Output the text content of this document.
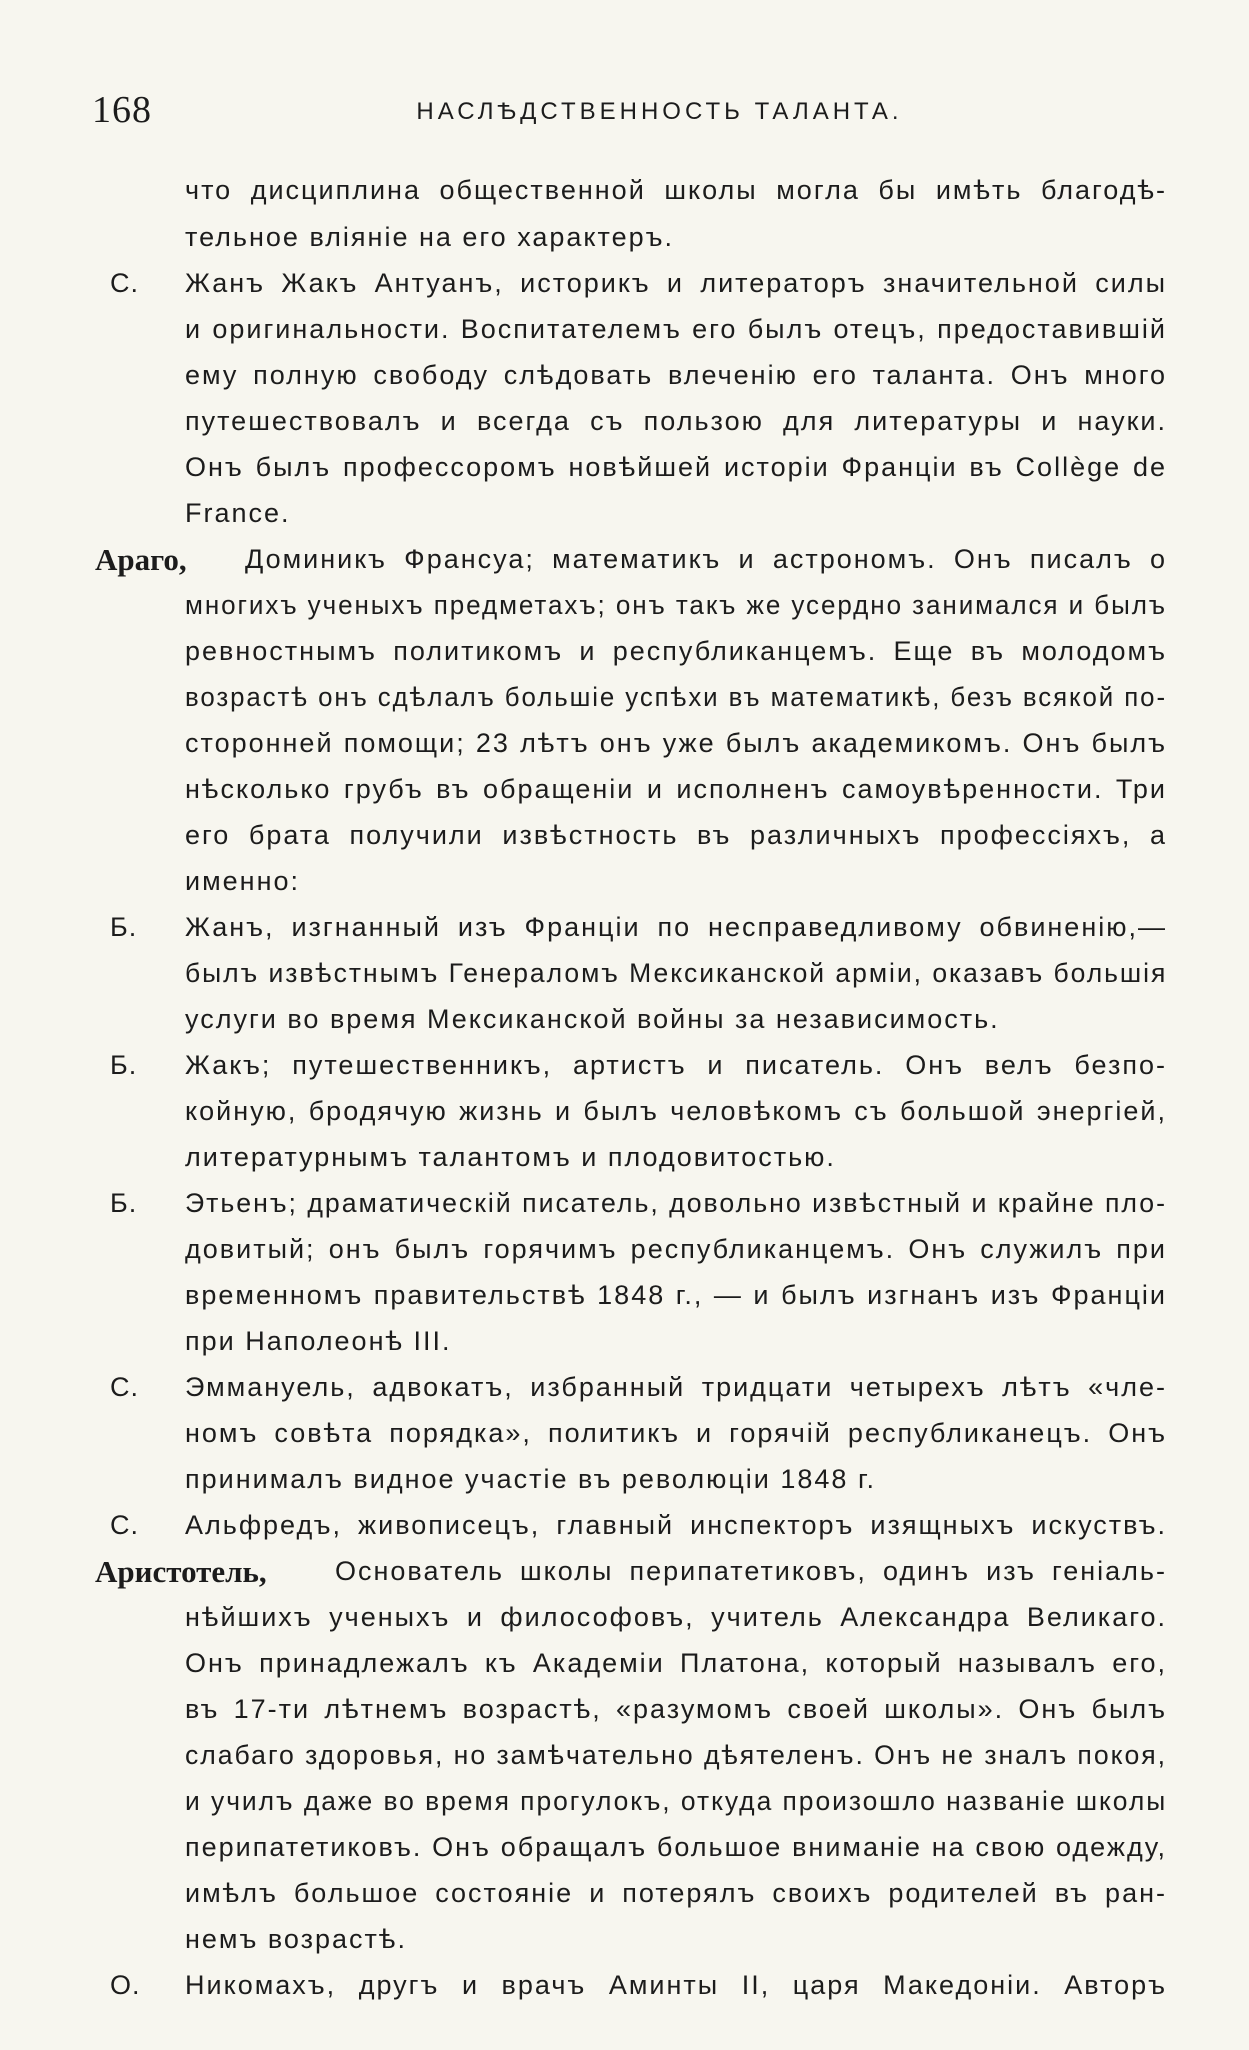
168	НАСЛѢДСТВЕННОСТЬ ТАЛАНТА.
что дисциплина общественной школы могла бы имѣть благодѣ-
тельное вліяніе на его характеръ.
C. Жанъ Жакъ Антуанъ, историкъ и литераторъ значительной силы
и оригинальности. Воспитателемъ его былъ отецъ, предоставившій
ему полную свободу слѣдовать влеченію его таланта. Онъ много
путешествовалъ и всегда съ пользою для литературы и науки.
Онъ былъ профессоромъ новѣйшей исторіи Франціи въ Collège de
France.
Араго, Доминикъ Франсуа; математикъ и астрономъ. Онъ писалъ о
многихъ ученыхъ предметахъ; онъ такъ же усердно занимался и былъ
ревностнымъ политикомъ и республиканцемъ. Еще въ молодомъ
возрастѣ онъ сдѣлалъ большіе успѣхи въ математикѣ, безъ всякой по-
сторонней помощи; 23 лѣтъ онъ уже былъ академикомъ. Онъ былъ
нѣсколько грубъ въ обращеніи и исполненъ самоувѣренности. Три
его брата получили извѣстность въ различныхъ профессіяхъ, а
именно:
Б. Жанъ, изгнанный изъ Франціи по несправедливому обвиненію,—
былъ извѣстнымъ Генераломъ Мексиканской арміи, оказавъ большія
услуги во время Мексиканской войны за независимость.
Б. Жакъ; путешественникъ, артистъ и писатель. Онъ велъ безпо-
койную, бродячую жизнь и былъ человѣкомъ съ большой энергіей,
литературнымъ талантомъ и плодовитостью.
Б. Этьенъ; драматическій писатель, довольно извѣстный и крайне пло-
довитый; онъ былъ горячимъ республиканцемъ. Онъ служилъ при
временномъ правительствѣ 1848 г., — и былъ изгнанъ изъ Франціи
при Наполеонѣ III.
C. Эммануель, адвокатъ, избранный тридцати четырехъ лѣтъ «чле-
номъ совѣта порядка», политикъ и горячій республиканецъ. Онъ
принималъ видное участіе въ революціи 1848 г.
C. Альфредъ, живописецъ, главный инспекторъ изящныхъ искуствъ.
Аристотель,	Основатель школы перипатетиковъ, одинъ изъ геніаль-
нѣйшихъ ученыхъ и философовъ, учитель Александра Великаго.
Онъ принадлежалъ къ Академіи Платона, который называлъ его,
въ 17-ти лѣтнемъ возрастѣ, «разумомъ своей школы». Онъ былъ
слабаго здоровья, но замѣчательно дѣятеленъ. Онъ не зналъ покоя,
и училъ даже во время прогулокъ, откуда произошло названіе школы
перипатетиковъ. Онъ обращалъ большое вниманіе на свою одежду,
имѣлъ большое состояніе и потерялъ своихъ родителей въ ран-
немъ возрастѣ.
O. Никомахъ, другъ и врачъ Аминты II, царя Македоніи. Авторъ
